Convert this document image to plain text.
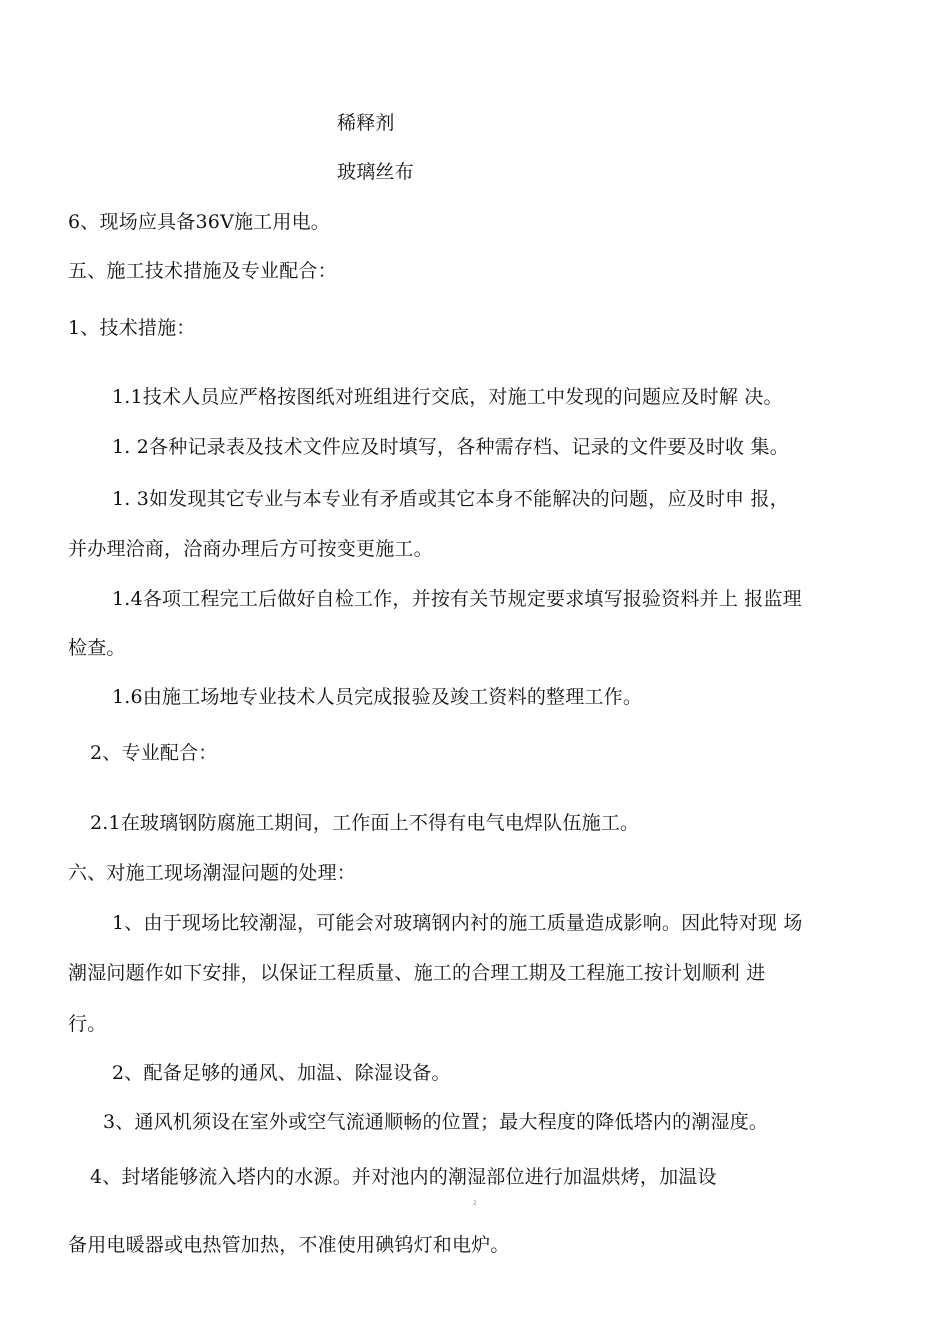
稀释剂
玻璃丝布
6、现场应具备36V施工用电。
五、施工技术措施及专业配合：
1、技术措施：
1.1技术人员应严格按图纸对班组进行交底，对施工中发现的问题应及时解 决。
1. 2各种记录表及技术文件应及时填写，各种需存档、记录的文件要及时收 集。
1. 3如发现其它专业与本专业有矛盾或其它本身不能解决的问题，应及时申 报，
并办理洽商，洽商办理后方可按变更施工。
1.4各项工程完工后做好自检工作，并按有关节规定要求填写报验资料并上 报监理
检查。
1.6由施工场地专业技术人员完成报验及竣工资料的整理工作。
2、专业配合：
2.1在玻璃钢防腐施工期间，工作面上不得有电气电焊队伍施工。
六、对施工现场潮湿问题的处理：
1、由于现场比较潮湿，可能会对玻璃钢内衬的施工质量造成影响。因此特对现 场
潮湿问题作如下安排，以保证工程质量、施工的合理工期及工程施工按计划顺利 进
行。
2、配备足够的通风、加温、除湿设备。
3、通风机须设在室外或空气流通顺畅的位置；最大程度的降低塔内的潮湿度。
4、封堵能够流入塔内的水源。并对池内的潮湿部位进行加温烘烤，加温设
2
备用电暖器或电热管加热，不准使用碘钨灯和电炉。
